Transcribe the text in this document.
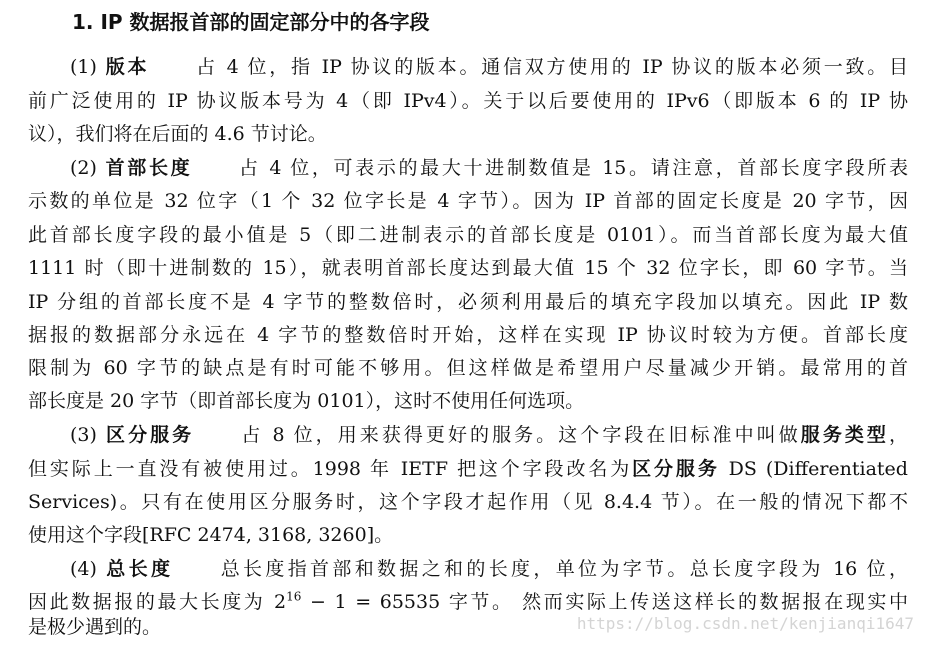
1. IP 数据报首部的固定部分中的各字段
(1) 版本 占 4 位，指 IP 协议的版本。通信双方使用的 IP 协议的版本必须一致。目
前广泛使用的 IP 协议版本号为 4（即 IPv4）。关于以后要使用的 IPv6（即版本 6 的 IP 协
议），我们将在后面的 4.6 节讨论。
(2) 首部长度 占 4 位，可表示的最大十进制数值是 15。请注意，首部长度字段所表
示数的单位是 32 位字（1 个 32 位字长是 4 字节）。因为 IP 首部的固定长度是 20 字节，因
此首部长度字段的最小值是 5（即二进制表示的首部长度是 0101）。而当首部长度为最大值
1111 时（即十进制数的 15），就表明首部长度达到最大值 15 个 32 位字长，即 60 字节。当
IP 分组的首部长度不是 4 字节的整数倍时，必须利用最后的填充字段加以填充。因此 IP 数
据报的数据部分永远在 4 字节的整数倍时开始，这样在实现 IP 协议时较为方便。首部长度
限制为 60 字节的缺点是有时可能不够用。但这样做是希望用户尽量减少开销。最常用的首
部长度是 20 字节（即首部长度为 0101），这时不使用任何选项。
(3) 区分服务 占 8 位，用来获得更好的服务。这个字段在旧标准中叫做服务类型，
但实际上一直没有被使用过。1998 年 IETF 把这个字段改名为区分服务 DS (Differentiated
Services)。只有在使用区分服务时，这个字段才起作用（见 8.4.4 节）。在一般的情况下都不
使用这个字段[RFC 2474, 3168, 3260]。
(4) 总长度 总长度指首部和数据之和的长度，单位为字节。总长度字段为 16 位，
因此数据报的最大长度为 $2^{16} - 1 = 65535$ 字节。 然而实际上传送这样长的数据报在现实中
是极少遇到的。	https://blog.csdn.net/kenjianqi1647
